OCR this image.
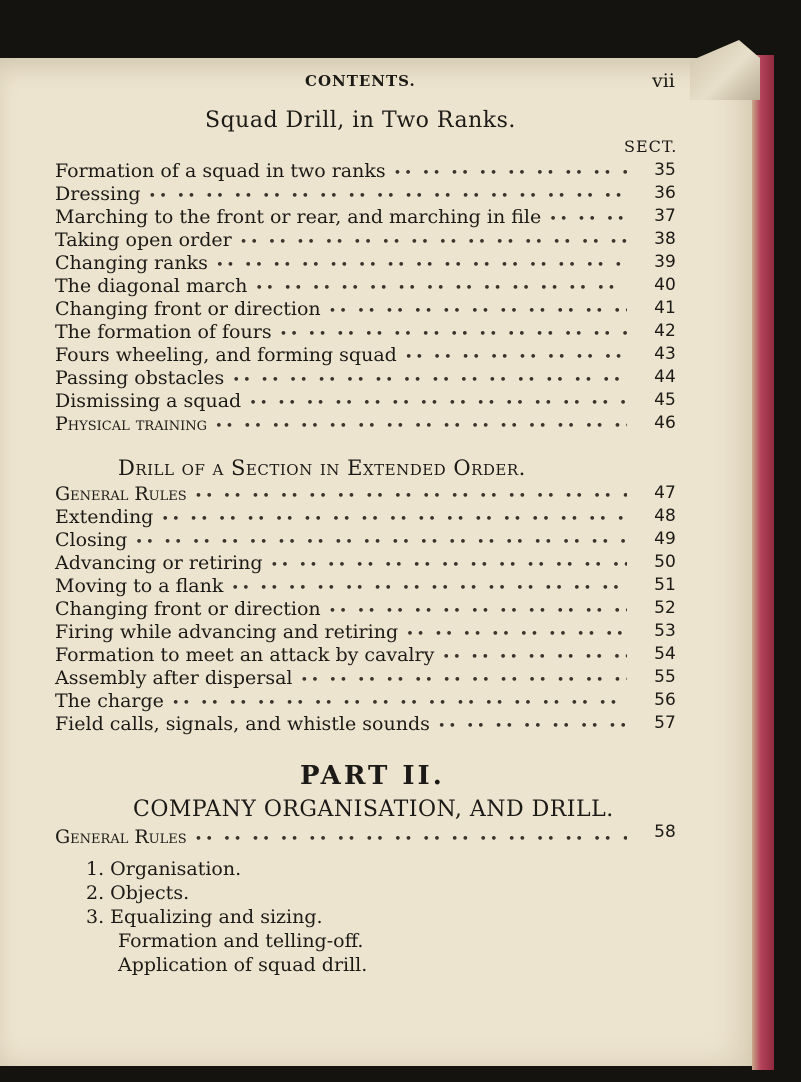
CONTENTS.	vii
Squad Drill, in Two Ranks.
SECT.
Formation of a squad in two ranks •• ••	35
Dressing •• ••	36
Marching to the front or rear, and marching in file •• ••	37
Taking open order •• ••	38
Changing ranks •• ••	39
The diagonal march •• ••	40
Changing front or direction •• ••	41
The formation of fours •• ••	42
Fours wheeling, and forming squad •• ••	43
Passing obstacles •• ••	44
Dismissing a squad •• ••	45
Physical training •• ••	46
Drill of a Section in Extended Order.
General Rules •• ••	47
Extending •• ••	48
Closing •• ••	49
Advancing or retiring •• ••	50
Moving to a flank •• ••	51
Changing front or direction •• ••	52
Firing while advancing and retiring •• ••	53
Formation to meet an attack by cavalry •• ••	54
Assembly after dispersal •• ••	55
The charge •• ••	56
Field calls, signals, and whistle sounds •• ••	57
PART II.
COMPANY ORGANISATION, AND DRILL.
General Rules •• ••	58
1. Organisation.
2. Objects.
3. Equalizing and sizing.
Formation and telling-off.
Application of squad drill.
